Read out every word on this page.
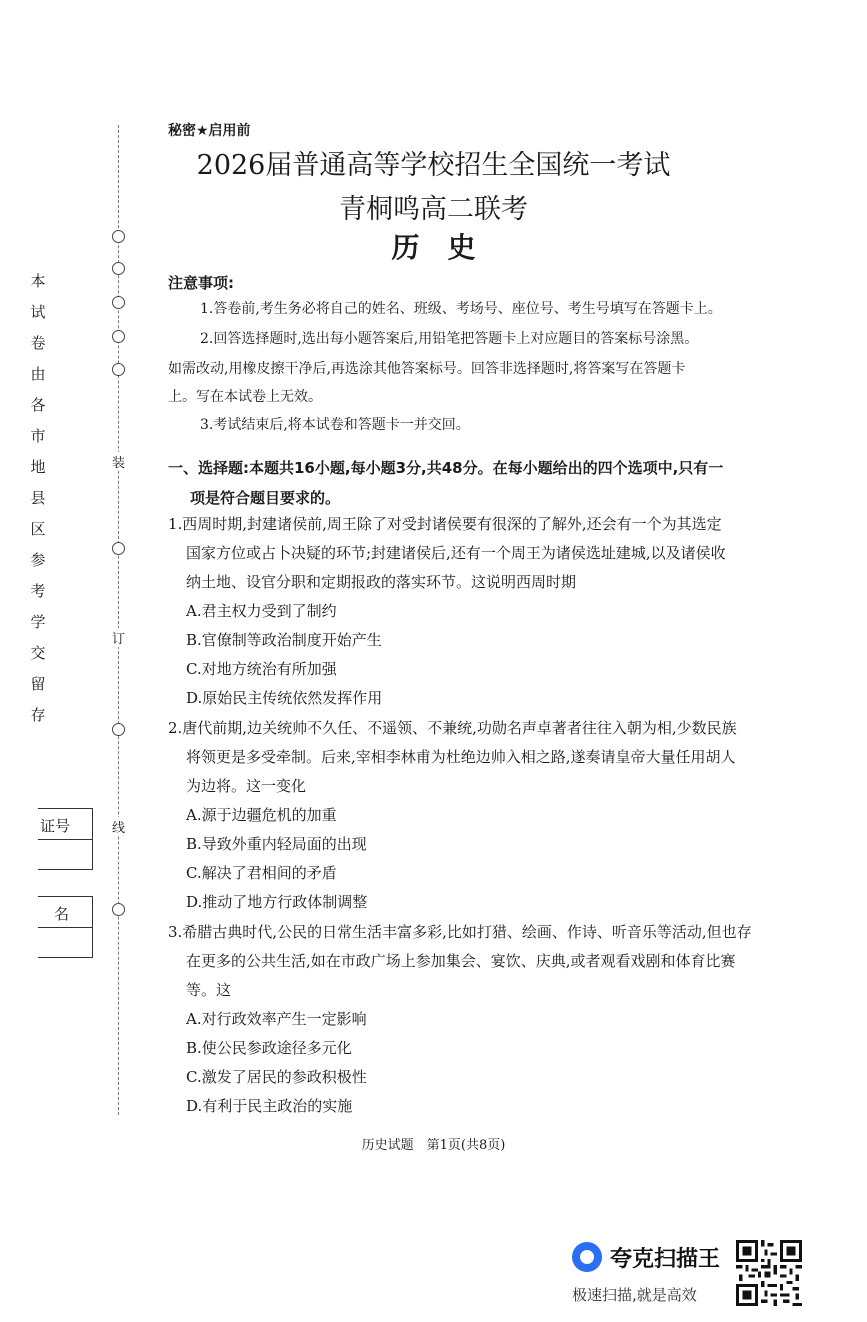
装
订
线
本
试
卷
由
各
市
地
县
区
参
考
学
交
留
存
证号
名
秘密★启用前
2026届普通高等学校招生全国统一考试
青桐鸣高二联考
历史
注意事项:
1.答卷前,考生务必将自己的姓名、班级、考场号、座位号、考生号填写在答题卡上。
2.回答选择题时,选出每小题答案后,用铅笔把答题卡上对应题目的答案标号涂黑。
如需改动,用橡皮擦干净后,再选涂其他答案标号。回答非选择题时,将答案写在答题卡
上。写在本试卷上无效。
3.考试结束后,将本试卷和答题卡一并交回。
一、选择题:本题共16小题,每小题3分,共48分。在每小题给出的四个选项中,只有一
项是符合题目要求的。
1.西周时期,封建诸侯前,周王除了对受封诸侯要有很深的了解外,还会有一个为其选定
国家方位或占卜决疑的环节;封建诸侯后,还有一个周王为诸侯选址建城,以及诸侯收
纳土地、设官分职和定期报政的落实环节。这说明西周时期
A.君主权力受到了制约
B.官僚制等政治制度开始产生
C.对地方统治有所加强
D.原始民主传统依然发挥作用
2.唐代前期,边关统帅不久任、不遥领、不兼统,功勋名声卓著者往往入朝为相,少数民族
将领更是多受牵制。后来,宰相李林甫为杜绝边帅入相之路,遂奏请皇帝大量任用胡人
为边将。这一变化
A.源于边疆危机的加重
B.导致外重内轻局面的出现
C.解决了君相间的矛盾
D.推动了地方行政体制调整
3.希腊古典时代,公民的日常生活丰富多彩,比如打猎、绘画、作诗、听音乐等活动,但也存
在更多的公共生活,如在市政广场上参加集会、宴饮、庆典,或者观看戏剧和体育比赛
等。这
A.对行政效率产生一定影响
B.使公民参政途径多元化
C.激发了居民的参政积极性
D.有利于民主政治的实施
历史试题　第1页(共8页)
夸克扫描王
极速扫描,就是高效
